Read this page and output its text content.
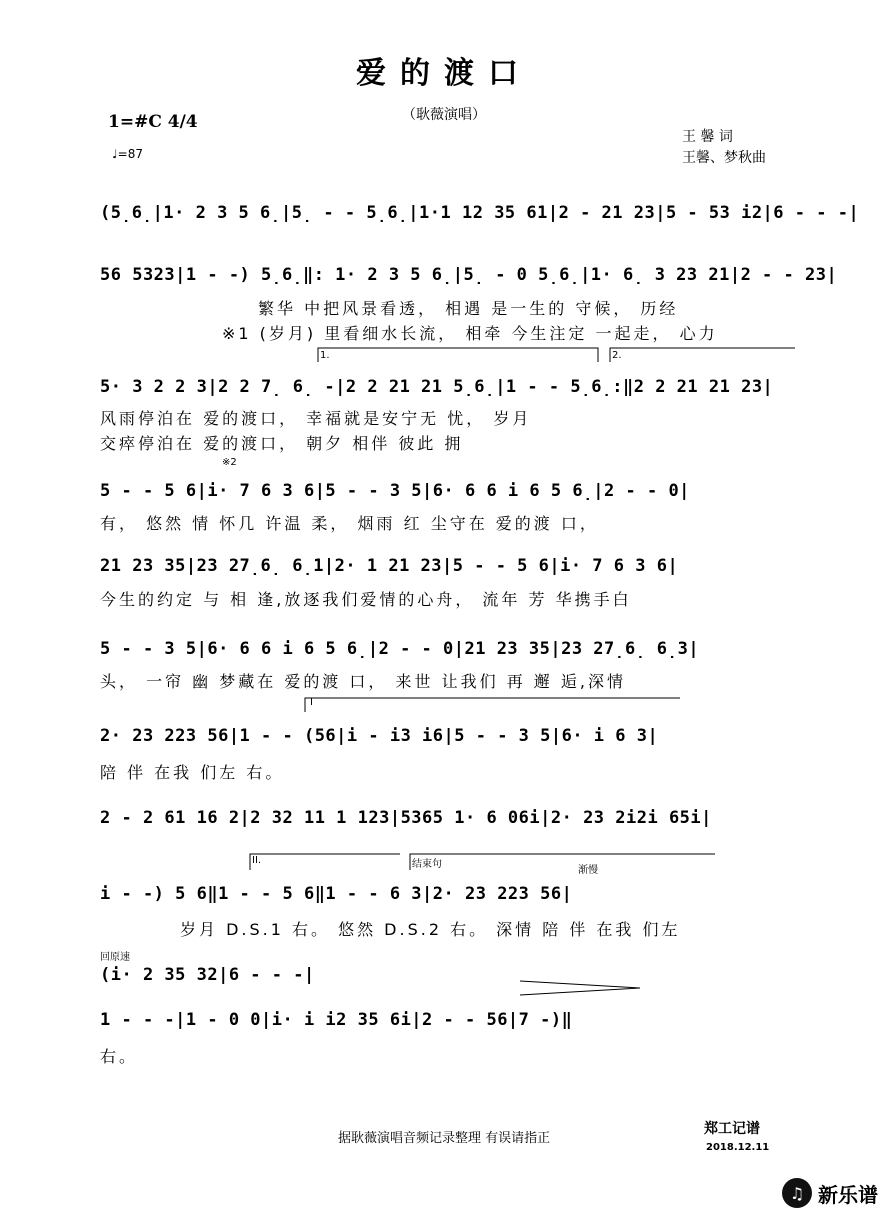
爱的渡口
（耿薇演唱）
1=#C 4/4
♩=87
王 馨 词
王馨、梦秋曲
(5̣6̣|1· 2 3 5 6̣|5̣ - - 5̣6̣|1·1 12 35 61|2 - 21 23|5 - 53 i2|6 - - -|
56 5323|1 - -) 5̣6̣‖: 1· 2 3 5 6̣|5̣ - 0 5̣6̣|1· 6̣ 3 23 21|2 - - 23|
繁华 中把风景看透， 相遇 是一生的 守候， 历经
※1 (岁月) 里看细水长流， 相牵 今生注定 一起走， 心力
1.	2.
5· 3 2 2 3|2 2 7̣ 6̣ -|2 2 21 21 5̣6̣|1 - - 5̣6̣:‖2 2 21 21 23|
风雨停泊在 爱的渡口， 幸福就是安宁无 忧， 岁月
交瘁停泊在 爱的渡口， 朝夕 相伴 彼此 拥
※2
5 - - 5 6|i· 7 6 3 6|5 - - 3 5|6· 6 6 i 6 5 6̣|2 - - 0|
有， 悠然 情 怀几 许温 柔， 烟雨 红 尘守在 爱的渡 口，
21 23 35|23 27̣6̣ 6̣1|2· 1 21 23|5 - - 5 6|i· 7 6 3 6|
今生的约定 与 相 逢,放逐我们爱情的心舟， 流年 芳 华携手白
5 - - 3 5|6· 6 6 i 6 5 6̣|2 - - 0|21 23 35|23 27̣6̣ 6̣3|
头， 一帘 幽 梦藏在 爱的渡 口， 来世 让我们 再 邂 逅,深情
I
2· 23 223 56|1 - - (56|i - i3 i6|5 - - 3 5|6· i 6 3|
陪 伴 在我 们左 右。
2 - 2 61 16 2|2 32 11 1 123|5365 1· 6 06i|2· 23 2i2i 65i|
II.	结束句
渐慢
i - -) 5 6‖1 - - 5 6‖1 - - 6 3|2· 23 223 56|
岁月 D.S.1 右。 悠然 D.S.2 右。 深情 陪 伴 在我 们左
回原速
(i· 2 35 32|6 - - -|
1 - - -|1 - 0 0|i· i i2 35 6i|2 - - 56|7 -)‖
右。
据耿薇演唱音频记录整理 有误请指正
郑工记谱
2018.12.11
♫ 新乐谱
